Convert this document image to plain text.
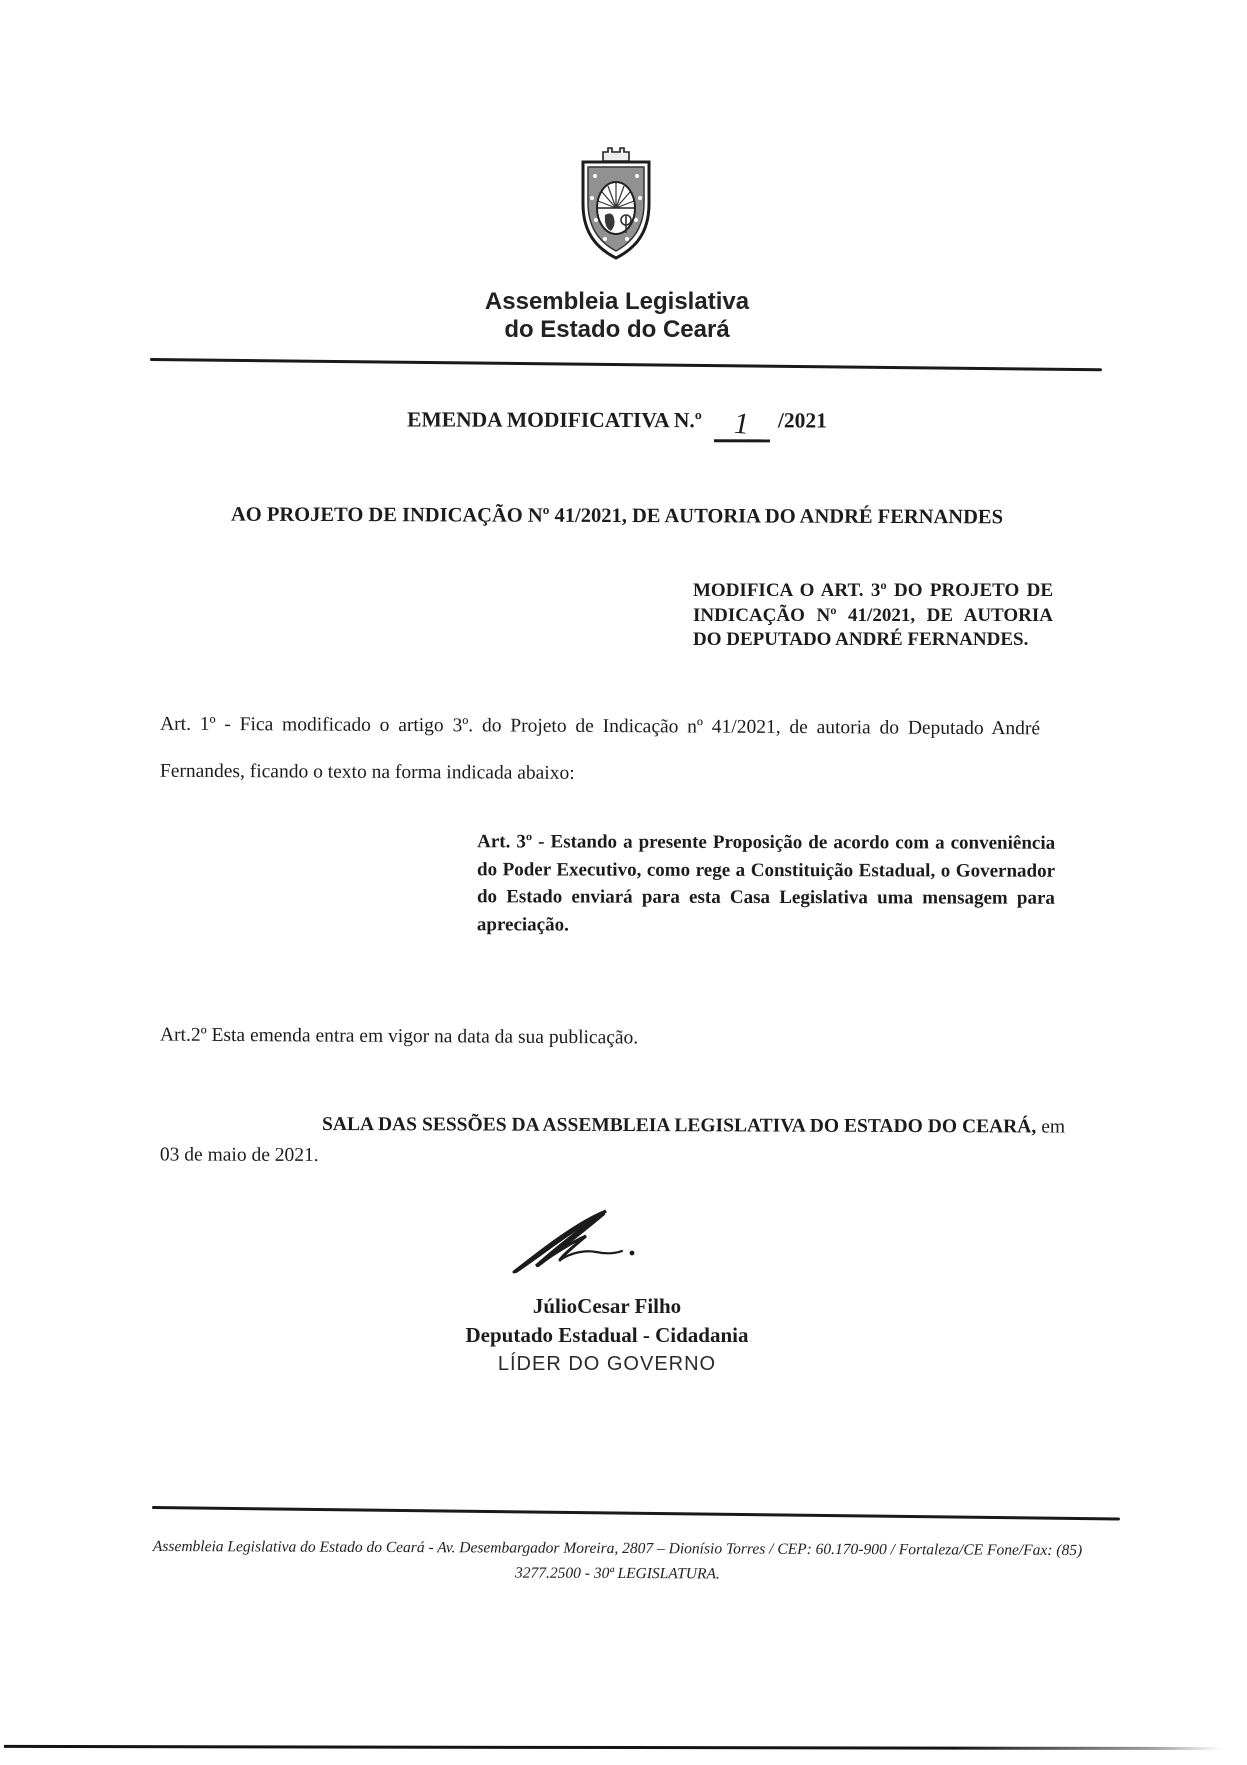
Assembleia Legislativa
do Estado do Ceará
EMENDA MODIFICATIVA N.º 1 /2021
AO PROJETO DE INDICAÇÃO Nº 41/2021, DE AUTORIA DO ANDRÉ FERNANDES
MODIFICA O ART. 3º DO PROJETO DE INDICAÇÃO Nº 41/2021, DE AUTORIA DO DEPUTADO ANDRÉ FERNANDES.
Art. 1º - Fica modificado o artigo 3º. do Projeto de Indicação nº 41/2021, de autoria do Deputado André Fernandes, ficando o texto na forma indicada abaixo:
Art. 3º - Estando a presente Proposição de acordo com a conveniência do Poder Executivo, como rege a Constituição Estadual, o Governador do Estado enviará para esta Casa Legislativa uma mensagem para apreciação.
Art.2º Esta emenda entra em vigor na data da sua publicação.
SALA DAS SESSÕES DA ASSEMBLEIA LEGISLATIVA DO ESTADO DO CEARÁ, em 03 de maio de 2021.
JúlioCesar Filho
Deputado Estadual - Cidadania
LÍDER DO GOVERNO
Assembleia Legislativa do Estado do Ceará - Av. Desembargador Moreira, 2807 – Dionísio Torres / CEP: 60.170-900 / Fortaleza/CE Fone/Fax: (85) 3277.2500 - 30ª LEGISLATURA.
